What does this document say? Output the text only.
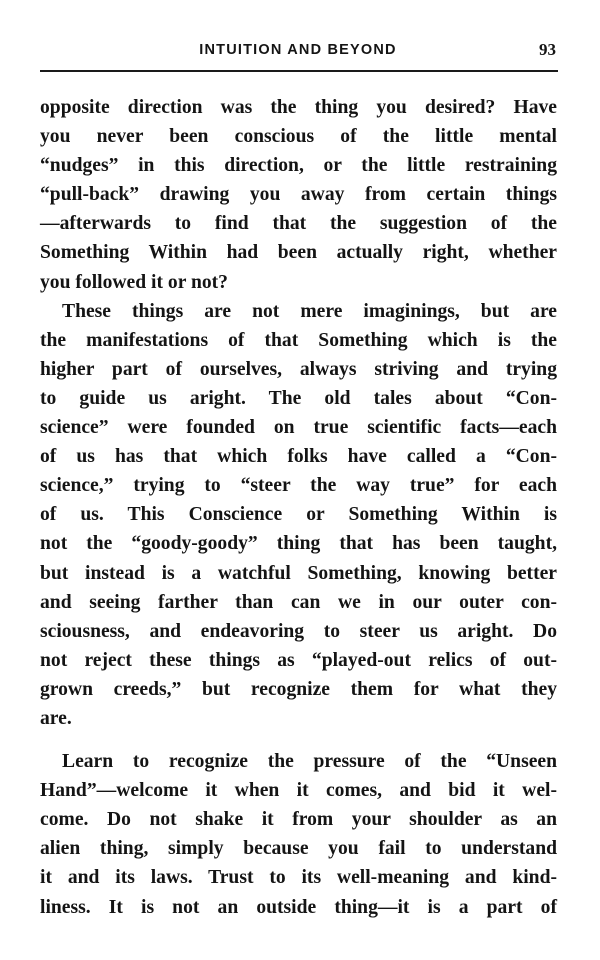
INTUITION AND BEYOND	93
opposite direction was the thing you desired? Have
you never been conscious of the little mental
“nudges” in this direction, or the little restraining
“pull-back” drawing you away from certain things
—afterwards to find that the suggestion of the
Something Within had been actually right, whether
you followed it or not?
These things are not mere imaginings, but are
the manifestations of that Something which is the
higher part of ourselves, always striving and trying
to guide us aright. The old tales about “Con-
science” were founded on true scientific facts—each
of us has that which folks have called a “Con-
science,” trying to “steer the way true” for each
of us. This Conscience or Something Within is
not the “goody-goody” thing that has been taught,
but instead is a watchful Something, knowing better
and seeing farther than can we in our outer con-
sciousness, and endeavoring to steer us aright. Do
not reject these things as “played-out relics of out-
grown creeds,” but recognize them for what they
are.
Learn to recognize the pressure of the “Unseen
Hand”—welcome it when it comes, and bid it wel-
come. Do not shake it from your shoulder as an
alien thing, simply because you fail to understand
it and its laws. Trust to its well-meaning and kind-
liness. It is not an outside thing—it is a part of
